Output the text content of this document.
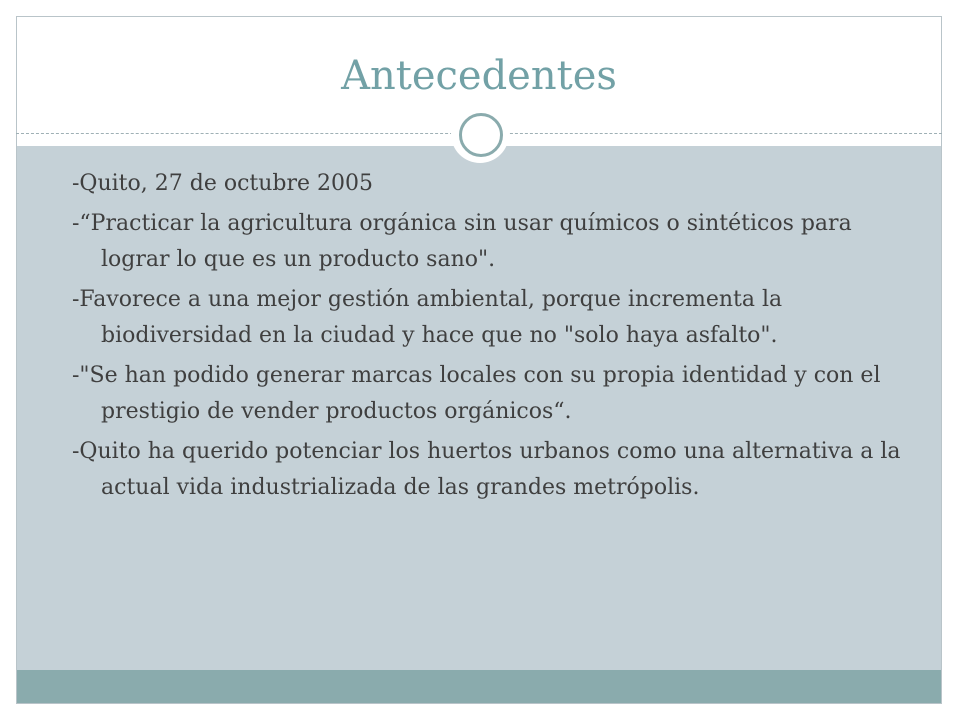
Antecedentes
-Quito, 27 de octubre 2005
-“Practicar la agricultura orgánica sin usar químicos o sintéticos para lograr lo que es un producto sano".
-Favorece a una mejor gestión ambiental, porque incrementa la biodiversidad en la ciudad y hace que no "solo haya asfalto".
-"Se han podido generar marcas locales con su propia identidad y con el prestigio de vender productos orgánicos“.
-Quito ha querido potenciar los huertos urbanos como una alternativa a la actual vida industrializada de las grandes metrópolis.
